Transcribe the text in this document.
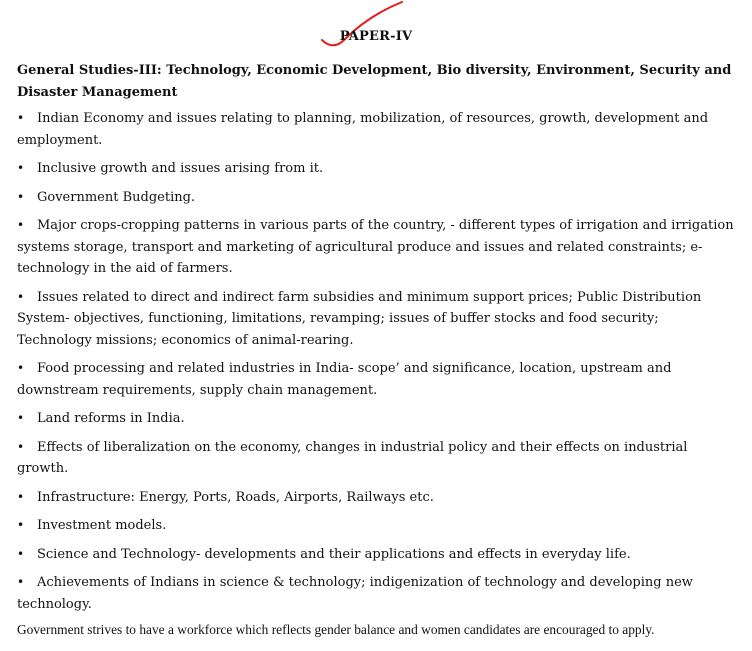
PAPER-IV
General Studies-III: Technology, Economic Development, Bio diversity, Environment, Security and Disaster Management
• Indian Economy and issues relating to planning, mobilization, of resources, growth, development and employment.
• Inclusive growth and issues arising from it.
• Government Budgeting.
• Major crops-cropping patterns in various parts of the country, - different types of irrigation and irrigation systems storage, transport and marketing of agricultural produce and issues and related constraints; e-technology in the aid of farmers.
• Issues related to direct and indirect farm subsidies and minimum support prices; Public Distribution System- objectives, functioning, limitations, revamping; issues of buffer stocks and food security; Technology missions; economics of animal-rearing.
• Food processing and related industries in India- scope’ and significance, location, upstream and downstream requirements, supply chain management.
• Land reforms in India.
• Effects of liberalization on the economy, changes in industrial policy and their effects on industrial growth.
• Infrastructure: Energy, Ports, Roads, Airports, Railways etc.
• Investment models.
• Science and Technology- developments and their applications and effects in everyday life.
• Achievements of Indians in science & technology; indigenization of technology and developing new technology.
Government strives to have a workforce which reflects gender balance and women candidates are encouraged to apply.
